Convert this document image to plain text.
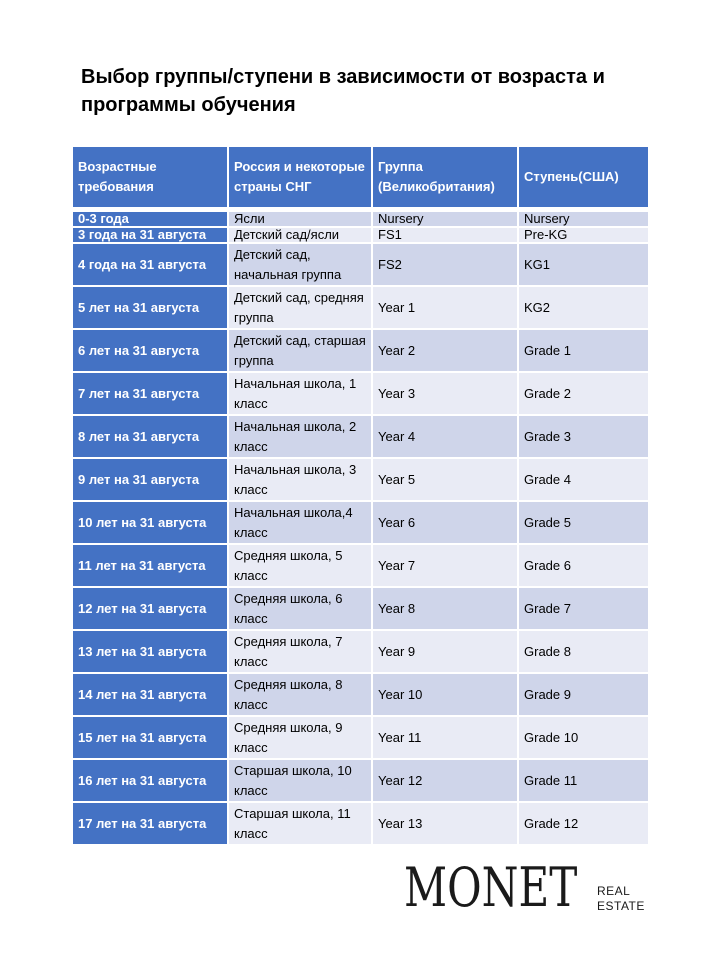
Выбор группы/ступени в зависимости от возраста и программы обучения
Возрастные требования	Россия и некоторые страны СНГ	Группа (Великобритания)	Ступень(США)

0-3 года	Ясли	Nursery	Nursery
3 года на 31 августа	Детский сад/ясли	FS1	Pre-KG
4 года на 31 августа	Детский сад, начальная группа	FS2	KG1
5 лет на 31 августа	Детский сад, средняя группа	Year 1	KG2
6 лет на 31 августа	Детский сад, старшая группа	Year 2	Grade 1
7 лет на 31 августа	Начальная школа, 1 класс	Year 3	Grade 2
8 лет на 31 августа	Начальная школа, 2 класс	Year 4	Grade 3
9 лет на 31 августа	Начальная школа, 3 класс	Year 5	Grade 4
10 лет на 31 августа	Начальная школа,4 класс	Year 6	Grade 5
11 лет на 31 августа	Средняя школа, 5 класс	Year 7	Grade 6
12 лет на 31 августа	Средняя школа, 6 класс	Year 8	Grade 7
13 лет на 31 августа	Средняя школа, 7 класс	Year 9	Grade 8
14 лет на 31 августа	Средняя школа, 8 класс	Year 10	Grade 9
15 лет на 31 августа	Средняя школа, 9 класс	Year 11	Grade 10
16 лет на 31 августа	Старшая школа, 10 класс	Year 12	Grade 11
17 лет на 31 августа	Старшая школа, 11 класс	Year 13	Grade 12
MONET REAL
ESTATE
